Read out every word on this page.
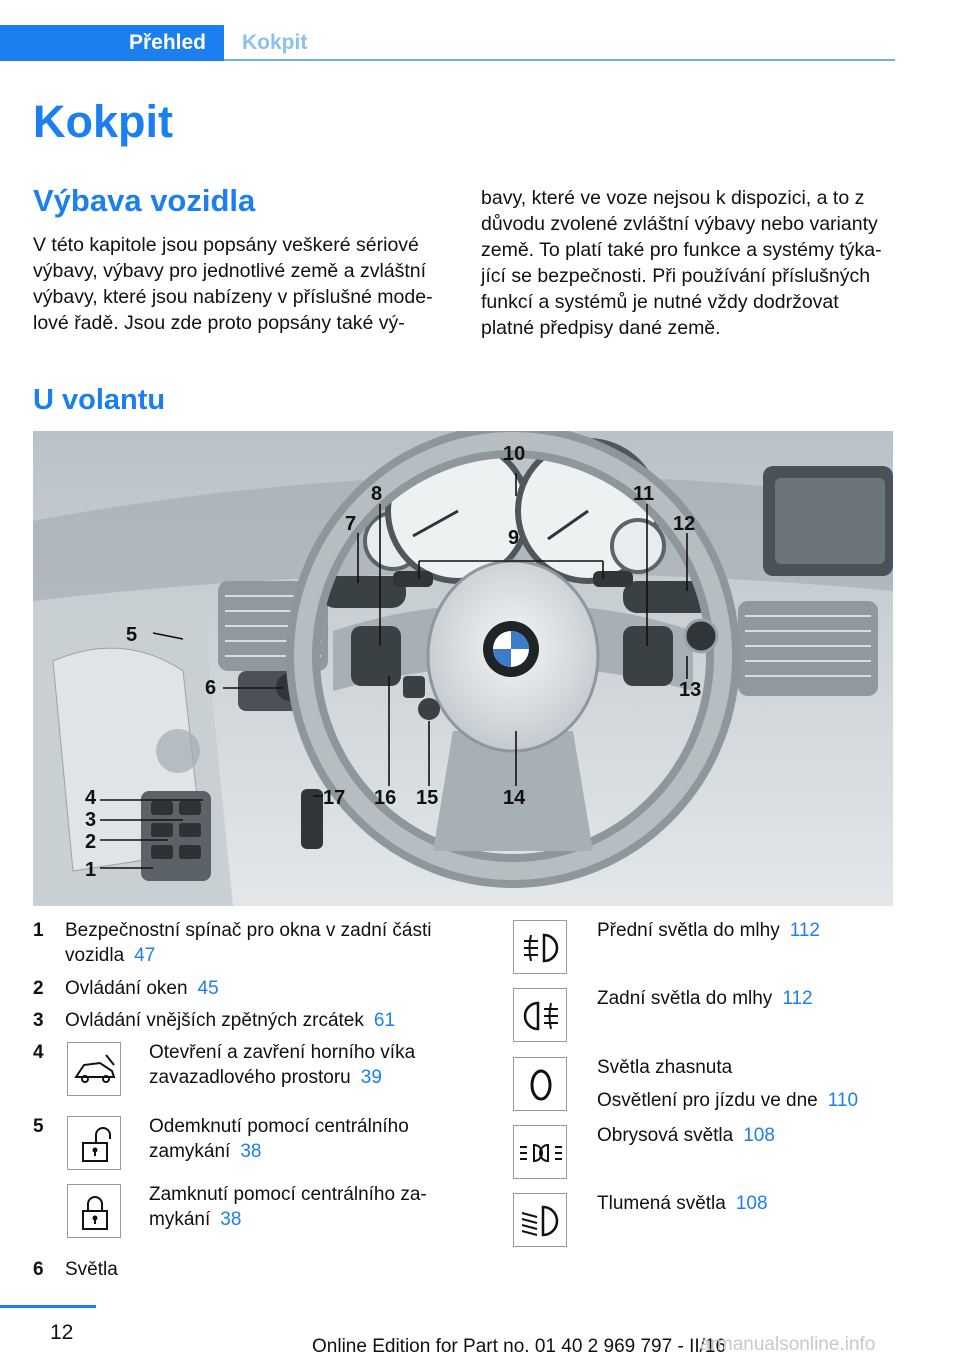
Přehled Kokpit
Kokpit
Výbava vozidla

V této kapitole jsou popsány veškeré sériové výbavy, výbavy pro jednotlivé země a zvláštní výbavy, které jsou nabízeny v příslušné modelové řadě. Jsou zde proto popsány také vý‐

bavy, které ve voze nejsou k dispozici, a to z důvodu zvolené zvláštní výbavy nebo varianty země. To platí také pro funkce a systémy týka‐jící se bezpečnosti. Při používání příslušných funkcí a systémů je nutné vždy dodržovat platné předpisy dané země.

U volantu
1
2
3
4
5
6
7
8
9
10
11
12
13
14
15
16
17
1	Bezpečnostní spínač pro okna v zadní části
vozidla 47
2	Ovládání oken 45
3	Ovládání vnějších zpětných zrcátek 61
4	Otevření a zavření horního víka
zavazadlového prostoru 39
5	Odemknutí pomocí centrálního
zamykání 38
Zamknutí pomocí centrálního za‐
mykání 38
6	Světla
Přední světla do mlhy 112
Zadní světla do mlhy 112
Světla zhasnuta
Osvětlení pro jízdu ve dne 110
Obrysová světla 108
Tlumená světla 108
12
Online Edition for Part no. 01 40 2 969 797 - II/16
armanualsonline.info
